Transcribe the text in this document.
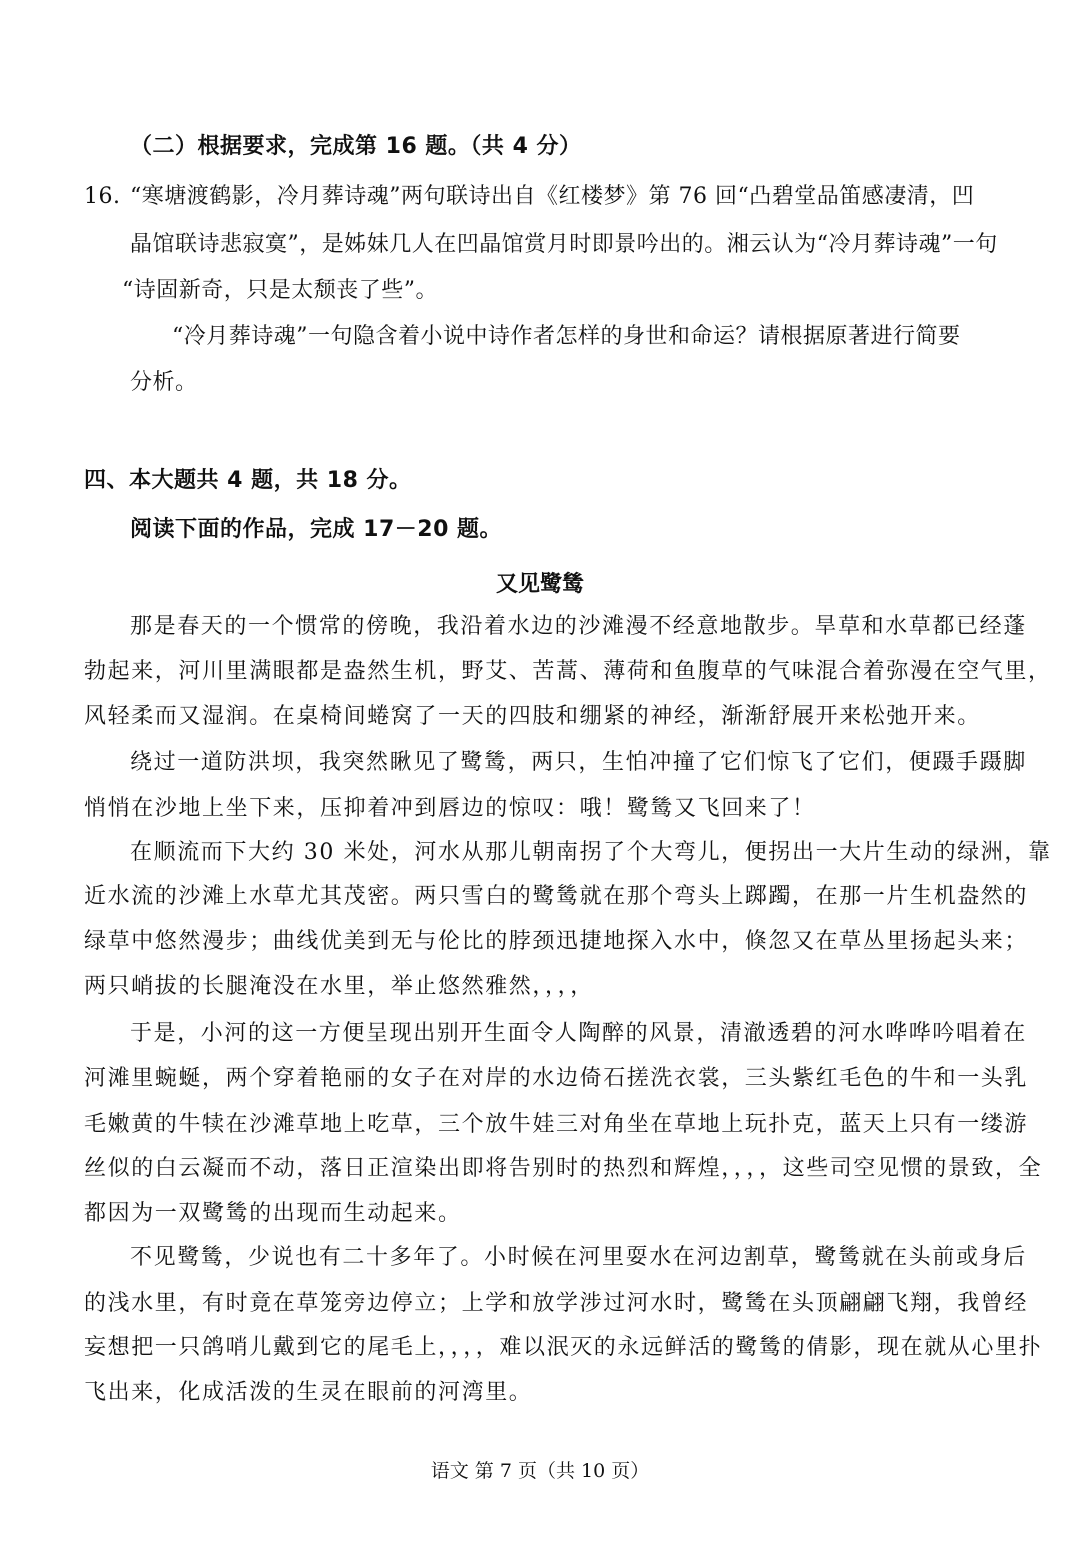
（二）根据要求，完成第 16 题。（共 4 分）
16. “寒塘渡鹤影，冷月葬诗魂”两句联诗出自《红楼梦》第 76 回“凸碧堂品笛感凄清，凹
晶馆联诗悲寂寞”，是姊妹几人在凹晶馆赏月时即景吟出的。湘云认为“冷月葬诗魂”一句
“诗固新奇，只是太颓丧了些”。
“冷月葬诗魂”一句隐含着小说中诗作者怎样的身世和命运？请根据原著进行简要
分析。
四、本大题共 4 题，共 18 分。
阅读下面的作品，完成 17－20 题。
又见鹭鸶
那是春天的一个惯常的傍晚，我沿着水边的沙滩漫不经意地散步。旱草和水草都已经蓬
勃起来，河川里满眼都是盎然生机，野艾、苦蒿、薄荷和鱼腹草的气味混合着弥漫在空气里，
风轻柔而又湿润。在桌椅间蜷窝了一天的四肢和绷紧的神经，渐渐舒展开来松弛开来。
绕过一道防洪坝，我突然瞅见了鹭鸶，两只，生怕冲撞了它们惊飞了它们，便蹑手蹑脚
悄悄在沙地上坐下来，压抑着冲到唇边的惊叹：哦！鹭鸶又飞回来了！
在顺流而下大约 30 米处，河水从那儿朝南拐了个大弯儿，便拐出一大片生动的绿洲，靠
近水流的沙滩上水草尤其茂密。两只雪白的鹭鸶就在那个弯头上踯躅，在那一片生机盎然的
绿草中悠然漫步；曲线优美到无与伦比的脖颈迅捷地探入水中，倏忽又在草丛里扬起头来；
两只峭拔的长腿淹没在水里，举止悠然雅然，，，，
于是，小河的这一方便呈现出别开生面令人陶醉的风景，清澈透碧的河水哗哗吟唱着在
河滩里蜿蜒，两个穿着艳丽的女子在对岸的水边倚石搓洗衣裳，三头紫红毛色的牛和一头乳
毛嫩黄的牛犊在沙滩草地上吃草，三个放牛娃三对角坐在草地上玩扑克，蓝天上只有一缕游
丝似的白云凝而不动，落日正渲染出即将告别时的热烈和辉煌，，，，这些司空见惯的景致，全
都因为一双鹭鸶的出现而生动起来。
不见鹭鸶，少说也有二十多年了。小时候在河里耍水在河边割草，鹭鸶就在头前或身后
的浅水里，有时竟在草笼旁边停立；上学和放学涉过河水时，鹭鸶在头顶翩翩飞翔，我曾经
妄想把一只鸽哨儿戴到它的尾毛上，，，，难以泯灭的永远鲜活的鹭鸶的倩影，现在就从心里扑
飞出来，化成活泼的生灵在眼前的河湾里。
语文 第 7 页（共 10 页）
